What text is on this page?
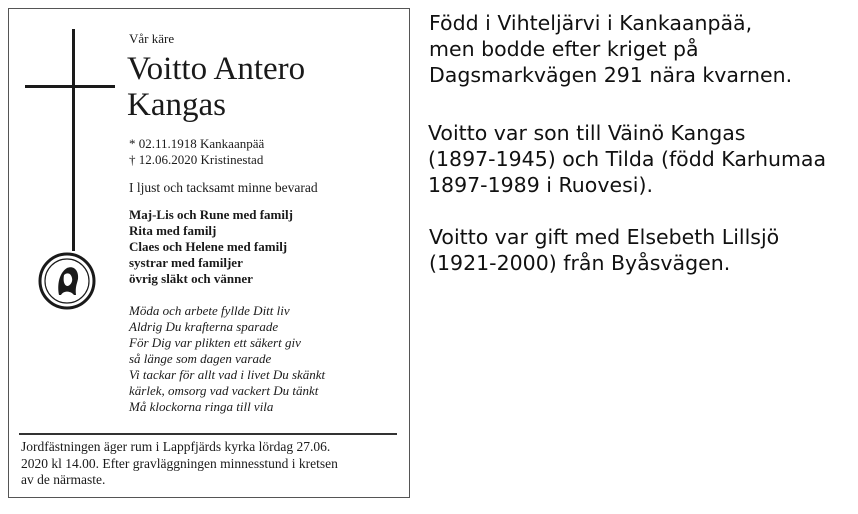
Vår käre
Voitto Antero
Kangas
* 02.11.1918 Kankaanpää
† 12.06.2020 Kristinestad
I ljust och tacksamt minne bevarad
Maj-Lis och Rune med familj
Rita med familj
Claes och Helene med familj
systrar med familjer
övrig släkt och vänner
Möda och arbete fyllde Ditt liv
Aldrig Du krafterna sparade
För Dig var plikten ett säkert giv
så länge som dagen varade
Vi tackar för allt vad i livet Du skänkt
kärlek, omsorg vad vackert Du tänkt
Må klockorna ringa till vila
Jordfästningen äger rum i Lappfjärds kyrka lördag 27.06.
2020 kl 14.00. Efter gravläggningen minnesstund i kretsen
av de närmaste.
Född i Vihteljärvi i Kankaanpää,
men bodde efter kriget på
Dagsmarkvägen 291 nära kvarnen.
Voitto var son till Väinö Kangas
(1897-1945) och Tilda (född Karhumaa
1897-1989 i Ruovesi).
Voitto var gift med Elsebeth Lillsjö
(1921-2000) från Byåsvägen.
